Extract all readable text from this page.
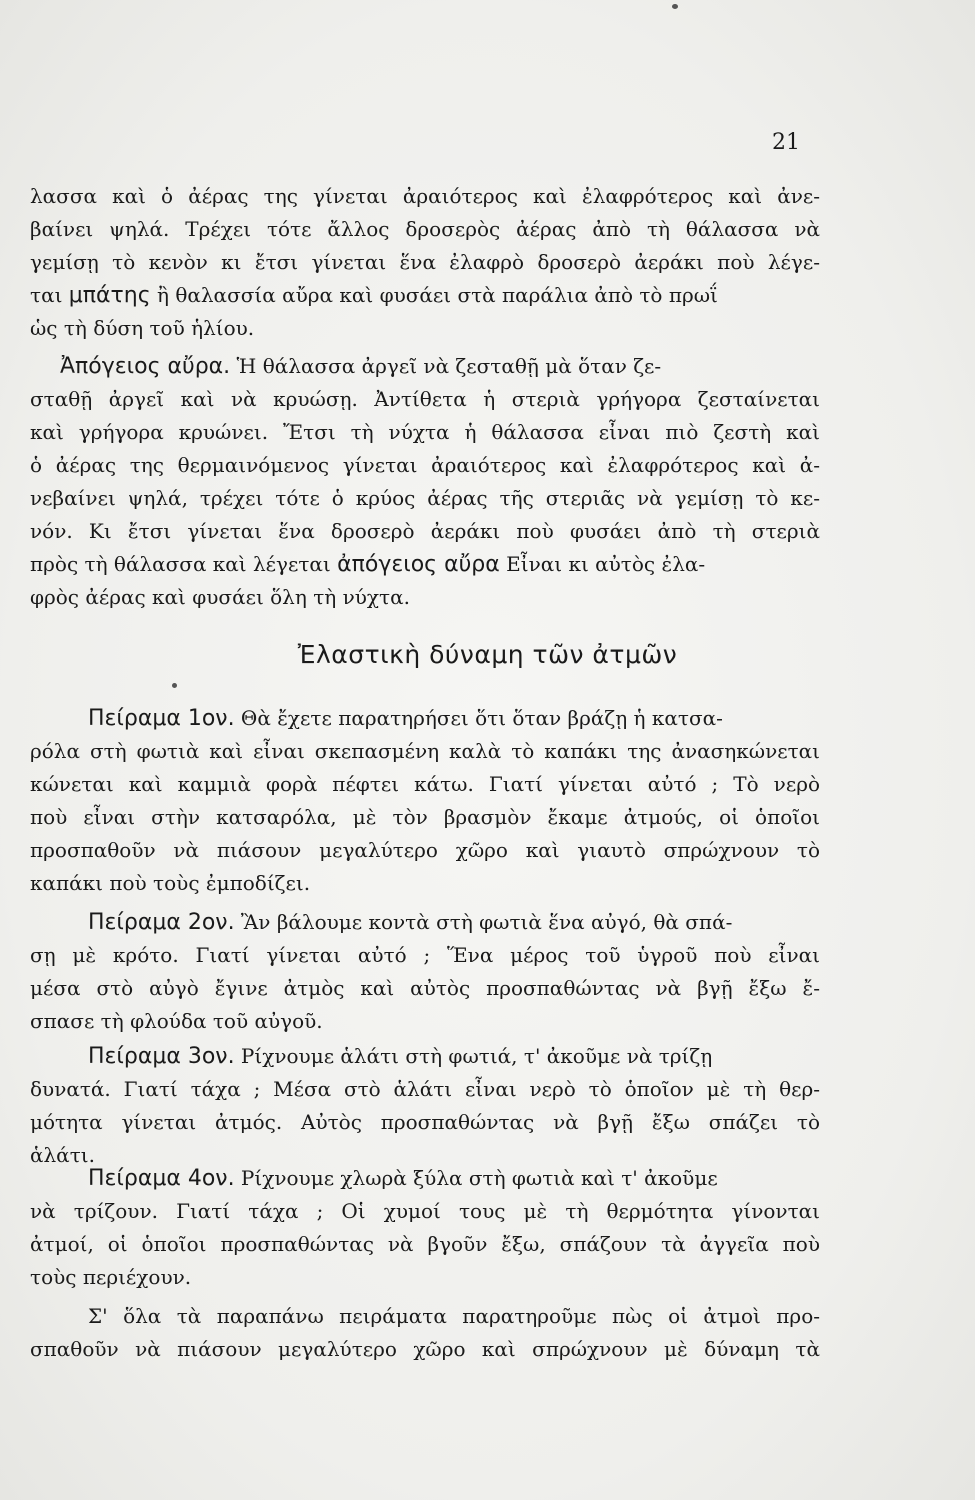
21
λασσα καὶ ὁ ἀέρας της γίνεται ἀραιότερος καὶ ἐλαφρότερος καὶ ἀνε-
βαίνει ψηλά. Τρέχει τότε ἄλλος δροσερὸς ἀέρας ἀπὸ τὴ θάλασσα νὰ
γεμίσῃ τὸ κενὸν κι ἔτσι γίνεται ἕνα ἐλαφρὸ δροσερὸ ἀεράκι ποὺ λέγε-
ται μπάτης ἢ θαλασσία αὔρα καὶ φυσάει στὰ παράλια ἀπὸ τὸ πρωΐ
ὡς τὴ δύση τοῦ ἡλίου.
Ἀπόγειος αὔρα. Ἡ θάλασσα ἀργεῖ νὰ ζεσταθῇ μὰ ὅταν ζε-
σταθῇ ἀργεῖ καὶ νὰ κρυώσῃ. Ἀντίθετα ἡ στεριὰ γρήγορα ζεσταίνεται
καὶ γρήγορα κρυώνει. Ἔτσι τὴ νύχτα ἡ θάλασσα εἶναι πιὸ ζεστὴ καὶ
ὁ ἀέρας της θερμαινόμενος γίνεται ἀραιότερος καὶ ἐλαφρότερος καὶ ἀ-
νεβαίνει ψηλά, τρέχει τότε ὁ κρύος ἀέρας τῆς στεριᾶς νὰ γεμίσῃ τὸ κε-
νόν. Κι ἔτσι γίνεται ἕνα δροσερὸ ἀεράκι ποὺ φυσάει ἀπὸ τὴ στεριὰ
πρὸς τὴ θάλασσα καὶ λέγεται ἀπόγειος αὔρα Εἶναι κι αὐτὸς ἐλα-
φρὸς ἀέρας καὶ φυσάει ὅλη τὴ νύχτα.
Ἐλαστικὴ δύναμη τῶν ἀτμῶν
Πείραμα 1ον. Θὰ ἔχετε παρατηρήσει ὅτι ὅταν βράζῃ ἡ κατσα-
ρόλα στὴ φωτιὰ καὶ εἶναι σκεπασμένη καλὰ τὸ καπάκι της ἀνασηκώνεται
κώνεται καὶ καμμιὰ φορὰ πέφτει κάτω. Γιατί γίνεται αὐτό ; Τὸ νερὸ
ποὺ εἶναι στὴν κατσαρόλα, μὲ τὸν βρασμὸν ἔκαμε ἀτμούς, οἱ ὁποῖοι
προσπαθοῦν νὰ πιάσουν μεγαλύτερο χῶρο καὶ γιαυτὸ σπρώχνουν τὸ
καπάκι ποὺ τοὺς ἐμποδίζει.
Πείραμα 2ον. Ἂν βάλουμε κοντὰ στὴ φωτιὰ ἕνα αὐγό, θὰ σπά-
σῃ μὲ κρότο. Γιατί γίνεται αὐτό ; Ἕνα μέρος τοῦ ὑγροῦ ποὺ εἶναι
μέσα στὸ αὐγὸ ἔγινε ἀτμὸς καὶ αὐτὸς προσπαθώντας νὰ βγῇ ἔξω ἔ-
σπασε τὴ φλούδα τοῦ αὐγοῦ.
Πείραμα 3ον. Ρίχνουμε ἁλάτι στὴ φωτιά, τ' ἀκοῦμε νὰ τρίζῃ
δυνατά. Γιατί τάχα ; Μέσα στὸ ἁλάτι εἶναι νερὸ τὸ ὁποῖον μὲ τὴ θερ-
μότητα γίνεται ἀτμός. Αὐτὸς προσπαθώντας νὰ βγῇ ἔξω σπάζει τὸ
ἁλάτι.
Πείραμα 4ον. Ρίχνουμε χλωρὰ ξύλα στὴ φωτιὰ καὶ τ' ἀκοῦμε
νὰ τρίζουν. Γιατί τάχα ; Οἱ χυμοί τους μὲ τὴ θερμότητα γίνονται
ἀτμοί, οἱ ὁποῖοι προσπαθώντας νὰ βγοῦν ἔξω, σπάζουν τὰ ἀγγεῖα ποὺ
τοὺς περιέχουν.
Σ' ὅλα τὰ παραπάνω πειράματα παρατηροῦμε πὼς οἱ ἀτμοὶ προ-
σπαθοῦν νὰ πιάσουν μεγαλύτερο χῶρο καὶ σπρώχνουν μὲ δύναμη τὰ
